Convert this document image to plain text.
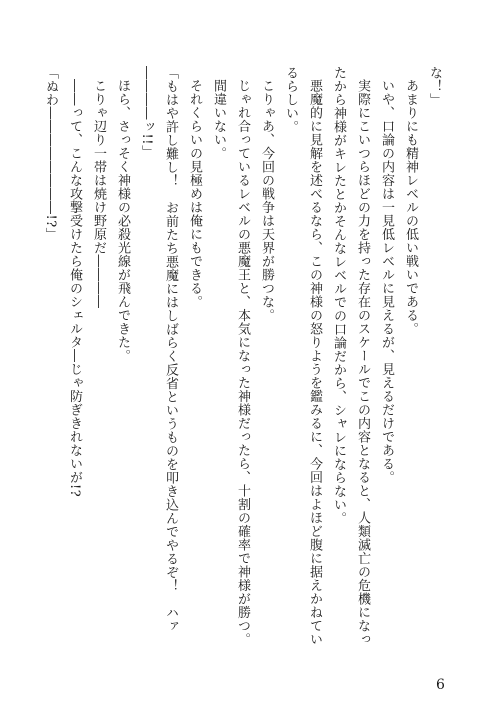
な！」

あまりにも精神レベルの低い戦いである。

いや、口論の内容は一見低レベルに見えるが、見えるだけである。

実際にこいつらほどの力を持った存在のスケールでこの内容となると、人類滅亡の危機になったから神様がキレたとかそんなレベルでの口論だから、シャレにならない。

悪魔的に見解を述べるなら、この神様の怒りようを鑑みるに、今回はよほど腹に据えかねているらしい。

こりゃあ、今回の戦争は天界が勝つな。

じゃれ合っているレベルの悪魔王と、本気になった神様だったら、十割の確率で神様が勝つ。

間違いない。

それくらいの見極めは俺にもできる。

「もはや許し難し！　お前たち悪魔にはしばらく反省というものを叩き込んでやるぞ！　ハァ――――ッ!!」

ほら、さっそく神様の必殺光線が飛んできた。

こりゃ辺り一帯は焼け野原だ――――

――って、こんな攻撃受けたら俺のシェルタ―じゃ防ぎきれないが!?

「ぬわ――――――――!?」

6
